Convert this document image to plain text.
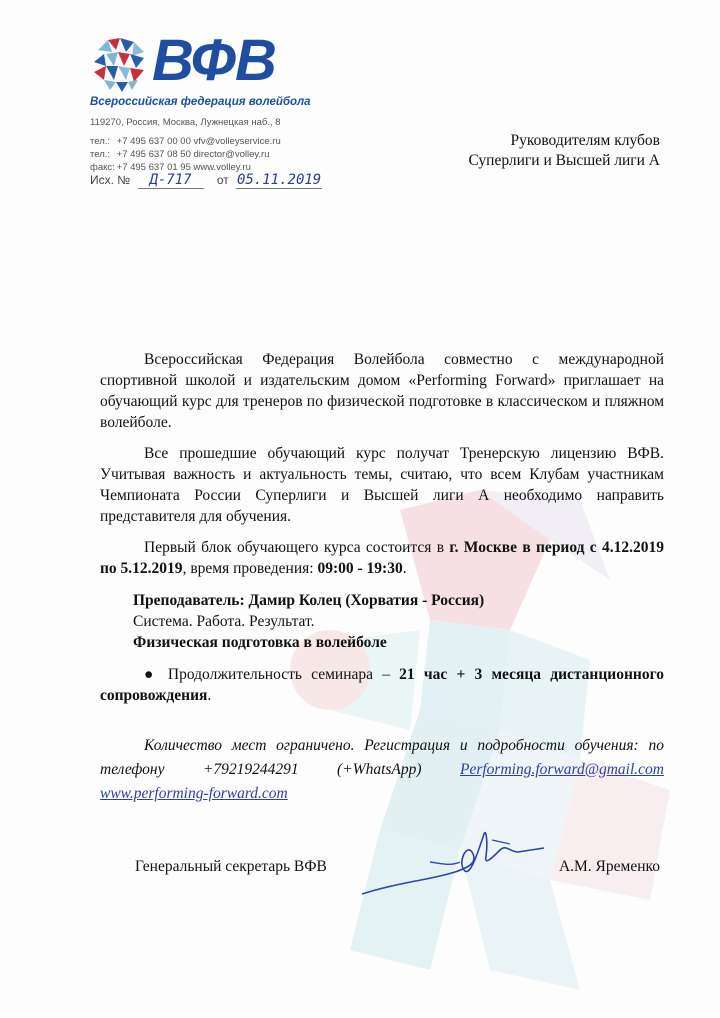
ВФВ
Всероссийская федерация волейбола
119270, Россия, Москва, Лужнецкая наб., 8
тел.: +7 495 637 00 00 vfv@volleyservice.ru
тел.: +7 495 637 08 50 director@volley.ru
факс: +7 495 637 01 95 www.volley.ru
Исх. № Д-717 от 05.11.2019
Руководителям клубов
Суперлиги и Высшей лиги А

Всероссийская Федерация Волейбола совместно с международной спортивной школой и издательским домом «Performing Forward» приглашает на обучающий курс для тренеров по физической подготовке в классическом и пляжном волейболе.

Все прошедшие обучающий курс получат Тренерскую лицензию ВФВ. Учитывая важность и актуальность темы, считаю, что всем Клубам участникам Чемпионата России Суперлиги и Высшей лиги А необходимо направить представителя для обучения.

Первый блок обучающего курса состоится в г. Москве в период с 4.12.2019 по 5.12.2019, время проведения: 09:00 - 19:30.

Преподаватель: Дамир Колец (Хорватия - Россия)

Система. Работа. Результат.

Физическая подготовка в волейболе

● Продолжительность семинара – 21 час + 3 месяца дистанционного сопровождения.

Количество мест ограничено. Регистрация и подробности обучения: по телефону +79219244291 (+WhatsApp) Performing.forward@gmail.com www.performing-forward.com

Генеральный секретарь ВФВ	А.М. Яременко
